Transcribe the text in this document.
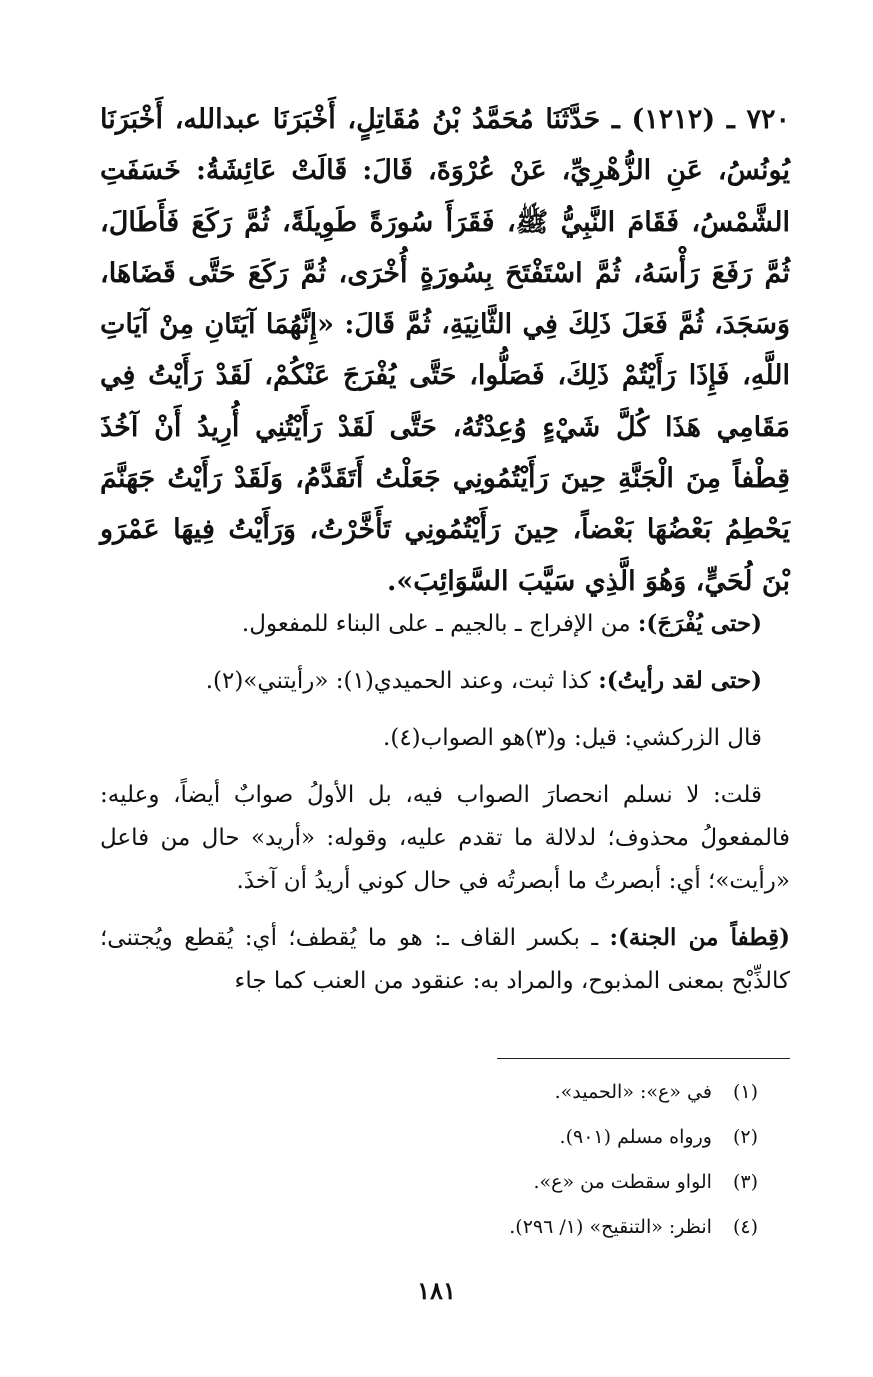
٧٢٠ ـ (١٢١٢) ـ حَدَّثَنَا مُحَمَّدُ بْنُ مُقَاتِلٍ، أَخْبَرَنَا عبدالله، أَخْبَرَنَا يُونُسُ، عَنِ الزُّهْرِيِّ، عَنْ عُرْوَةَ، قَالَ: قَالَتْ عَائِشَةُ: خَسَفَتِ الشَّمْسُ، فَقَامَ النَّبِيُّ ﷺ، فَقَرَأَ سُورَةً طَوِيلَةً، ثُمَّ رَكَعَ فَأَطَالَ، ثُمَّ رَفَعَ رَأْسَهُ، ثُمَّ اسْتَفْتَحَ بِسُورَةٍ أُخْرَى، ثُمَّ رَكَعَ حَتَّى قَضَاهَا، وَسَجَدَ، ثُمَّ فَعَلَ ذَلِكَ فِي الثَّانِيَةِ، ثُمَّ قَالَ: «إِنَّهُمَا آيَتَانِ مِنْ آيَاتِ اللَّهِ، فَإِذَا رَأَيْتُمْ ذَلِكَ، فَصَلُّوا، حَتَّى يُفْرَجَ عَنْكُمْ، لَقَدْ رَأَيْتُ فِي مَقَامِي هَذَا كُلَّ شَيْءٍ وُعِدْتُهُ، حَتَّى لَقَدْ رَأَيْتُنِي أُرِيدُ أَنْ آخُذَ قِطْفاً مِنَ الْجَنَّةِ حِينَ رَأَيْتُمُونِي جَعَلْتُ أَتَقَدَّمُ، وَلَقَدْ رَأَيْتُ جَهَنَّمَ يَحْطِمُ بَعْضُهَا بَعْضاً، حِينَ رَأَيْتُمُونِي تَأَخَّرْتُ، وَرَأَيْتُ فِيهَا عَمْرَو بْنَ لُحَيٍّ، وَهُوَ الَّذِي سَيَّبَ السَّوَائِبَ».

(حتى يُفْرَجَ): من الإفراج ـ بالجيم ـ على البناء للمفعول.

(حتى لقد رأيتُ): كذا ثبت، وعند الحميدي(١): «رأيتني»(٢).

قال الزركشي: قيل: و(٣)هو الصواب(٤).

قلت: لا نسلم انحصارَ الصواب فيه، بل الأولُ صوابٌ أيضاً، وعليه: فالمفعولُ محذوف؛ لدلالة ما تقدم عليه، وقوله: «أريد» حال من فاعل «رأيت»؛ أي: أبصرتُ ما أبصرتُه في حال كوني أريدُ أن آخذَ.

(قِطفاً من الجنة): ـ بكسر القاف ـ: هو ما يُقطف؛ أي: يُقطع ويُجتنى؛ كالذِّبْح بمعنى المذبوح، والمراد به: عنقود من العنب كما جاء

(١) في «ع»: «الحميد».
(٢) ورواه مسلم (٩٠١).
(٣) الواو سقطت من «ع».
(٤) انظر: «التنقيح» (١/ ٢٩٦).
١٨١
